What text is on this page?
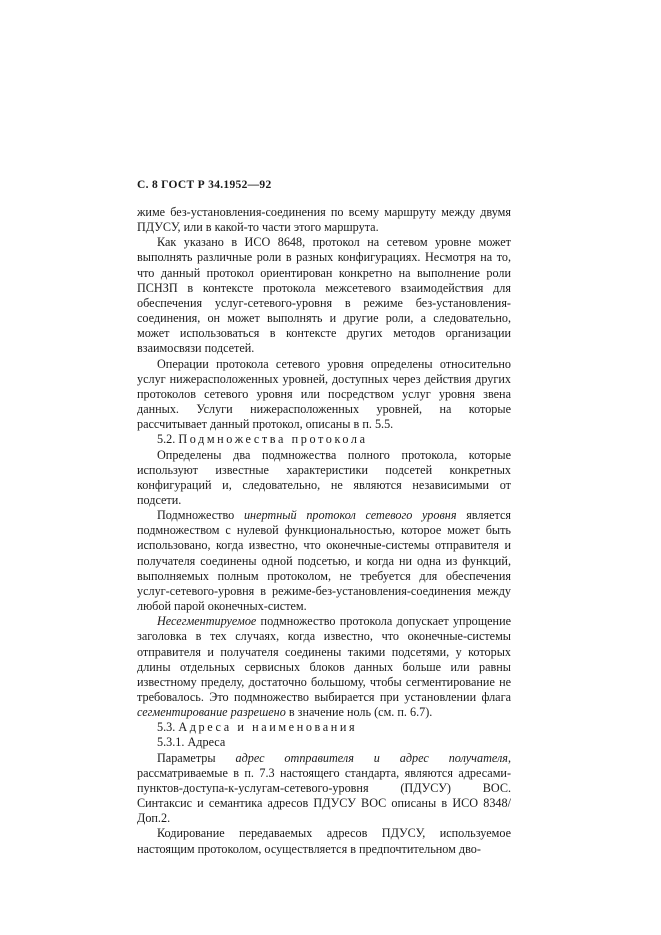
С. 8 ГОСТ Р 34.1952—92

жиме без-установления-соединения по всему маршруту между двумя ПДУСУ, или в какой-то части этого маршрута.

Как указано в ИСО 8648, протокол на сетевом уровне может выполнять различные роли в разных конфигурациях. Несмотря на то, что данный протокол ориентирован конкретно на выполнение роли ПСНЗП в контексте протокола межсетевого взаимодействия для обеспечения услуг-сетевого-уровня в режиме без-установления-соединения, он может выполнять и другие роли, а следовательно, может использоваться в контексте других методов организации взаимосвязи подсетей.

Операции протокола сетевого уровня определены относительно услуг нижерасположенных уровней, доступных через действия других протоколов сетевого уровня или посредством услуг уровня звена данных. Услуги нижерасположенных уровней, на которые рассчитывает данный протокол, описаны в п. 5.5.

5.2. Подмножества протокола

Определены два подмножества полного протокола, которые используют известные характеристики подсетей конкретных конфигураций и, следовательно, не являются независимыми от подсети.

Подмножество инертный протокол сетевого уровня является подмножеством с нулевой функциональностью, которое может быть использовано, когда известно, что оконечные-системы отправителя и получателя соединены одной подсетью, и когда ни одна из функций, выполняемых полным протоколом, не требуется для обеспечения услуг-сетевого-уровня в режиме-без-установления-соединения между любой парой оконечных-систем.

Несегментируемое подмножество протокола допускает упрощение заголовка в тех случаях, когда известно, что оконечные-системы отправителя и получателя соединены такими подсетями, у которых длины отдельных сервисных блоков данных больше или равны известному пределу, достаточно большому, чтобы сегментирование не требовалось. Это подмножество выбирается при установлении флага сегментирование разрешено в значение ноль (см. п. 6.7).

5.3. Адреса и наименования

5.3.1. Адреса

Параметры адрес отправителя и адрес получателя, рассматриваемые в п. 7.3 настоящего стандарта, являются адресами-пунктов-доступа-к-услугам-сетевого-уровня (ПДУСУ) ВОС. Синтаксис и семантика адресов ПДУСУ ВОС описаны в ИСО 8348/Доп.2.

Кодирование передаваемых адресов ПДУСУ, используемое настоящим протоколом, осуществляется в предпочтительном дво-
